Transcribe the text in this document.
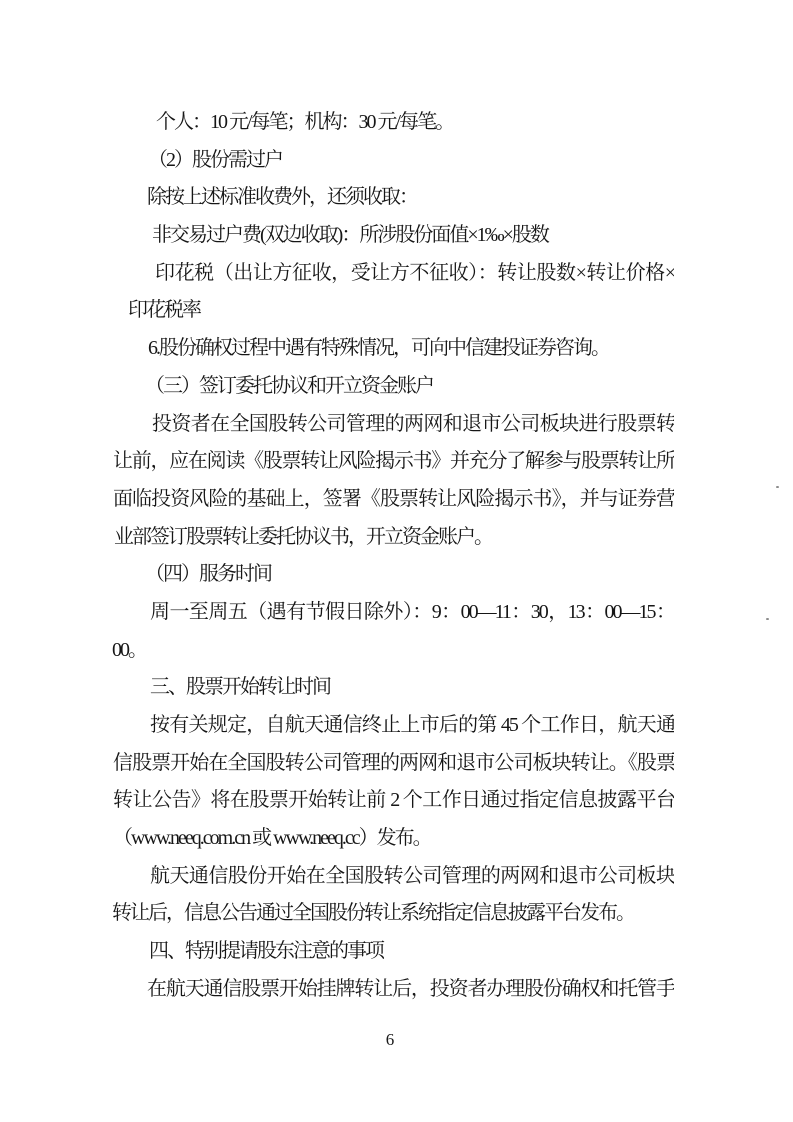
个人：10 元/每笔；机构：30 元/每笔。
（2）股份需过户
除按上述标准收费外，还须收取：
非交易过户费(双边收取)：所涉股份面值×1‰×股数
印花税（出让方征收，受让方不征收）：转让股数×转让价格×
印花税率
6.股份确权过程中遇有特殊情况，可向中信建投证券咨询。
（三）签订委托协议和开立资金账户
投资者在全国股转公司管理的两网和退市公司板块进行股票转
让前，应在阅读《股票转让风险揭示书》并充分了解参与股票转让所
面临投资风险的基础上，签署《股票转让风险揭示书》，并与证券营
业部签订股票转让委托协议书，开立资金账户。
（四）服务时间
周一至周五（遇有节假日除外）：9：00—11：30，13：00—15：
00。
三、股票开始转让时间
按有关规定，自航天通信终止上市后的第 45 个工作日，航天通
信股票开始在全国股转公司管理的两网和退市公司板块转让。《股票
转让公告》将在股票开始转让前 2 个工作日通过指定信息披露平台
（www.neeq.com.cn 或 www.neeq.cc）发布。
航天通信股份开始在全国股转公司管理的两网和退市公司板块
转让后，信息公告通过全国股份转让系统指定信息披露平台发布。
四、特别提请股东注意的事项
在航天通信股票开始挂牌转让后，投资者办理股份确权和托管手
6
